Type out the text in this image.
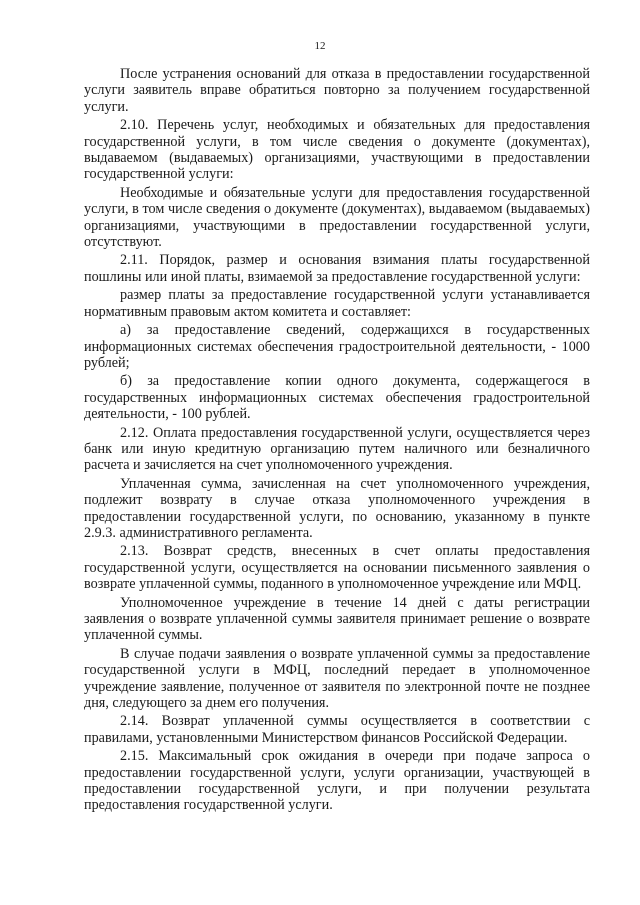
12

После устранения оснований для отказа в предоставлении государственной услуги заявитель вправе обратиться повторно за получением государственной услуги.

2.10. Перечень услуг, необходимых и обязательных для предоставления государственной услуги, в том числе сведения о документе (документах), выдаваемом (выдаваемых) организациями, участвующими в предоставлении государственной услуги:

Необходимые и обязательные услуги для предоставления государственной услуги, в том числе сведения о документе (документах), выдаваемом (выдаваемых) организациями, участвующими в предоставлении государственной услуги, отсутствуют.

2.11. Порядок, размер и основания взимания платы государственной пошлины или иной платы, взимаемой за предоставление государственной услуги:

размер платы за предоставление государственной услуги устанавливается нормативным правовым актом комитета и составляет:

а) за предоставление сведений, содержащихся в государственных информационных системах обеспечения градостроительной деятельности, - 1000 рублей;

б) за предоставление копии одного документа, содержащегося в государственных информационных системах обеспечения градостроительной деятельности, - 100 рублей.

2.12. Оплата предоставления государственной услуги, осуществляется через банк или иную кредитную организацию путем наличного или безналичного расчета и зачисляется на счет уполномоченного учреждения.

Уплаченная сумма, зачисленная на счет уполномоченного учреждения, подлежит возврату в случае отказа уполномоченного учреждения в предоставлении государственной услуги, по основанию, указанному в пункте 2.9.3. административного регламента.

2.13. Возврат средств, внесенных в счет оплаты предоставления государственной услуги, осуществляется на основании письменного заявления о возврате уплаченной суммы, поданного в уполномоченное учреждение или МФЦ.

Уполномоченное учреждение в течение 14 дней с даты регистрации заявления о возврате уплаченной суммы заявителя принимает решение о возврате уплаченной суммы.

В случае подачи заявления о возврате уплаченной суммы за предоставление государственной услуги в МФЦ, последний передает в уполномоченное учреждение заявление, полученное от заявителя по электронной почте не позднее дня, следующего за днем его получения.

2.14. Возврат уплаченной суммы осуществляется в соответствии с правилами, установленными Министерством финансов Российской Федерации.

2.15. Максимальный срок ожидания в очереди при подаче запроса о предоставлении государственной услуги, услуги организации, участвующей в предоставлении государственной услуги, и при получении результата предоставления государственной услуги.
